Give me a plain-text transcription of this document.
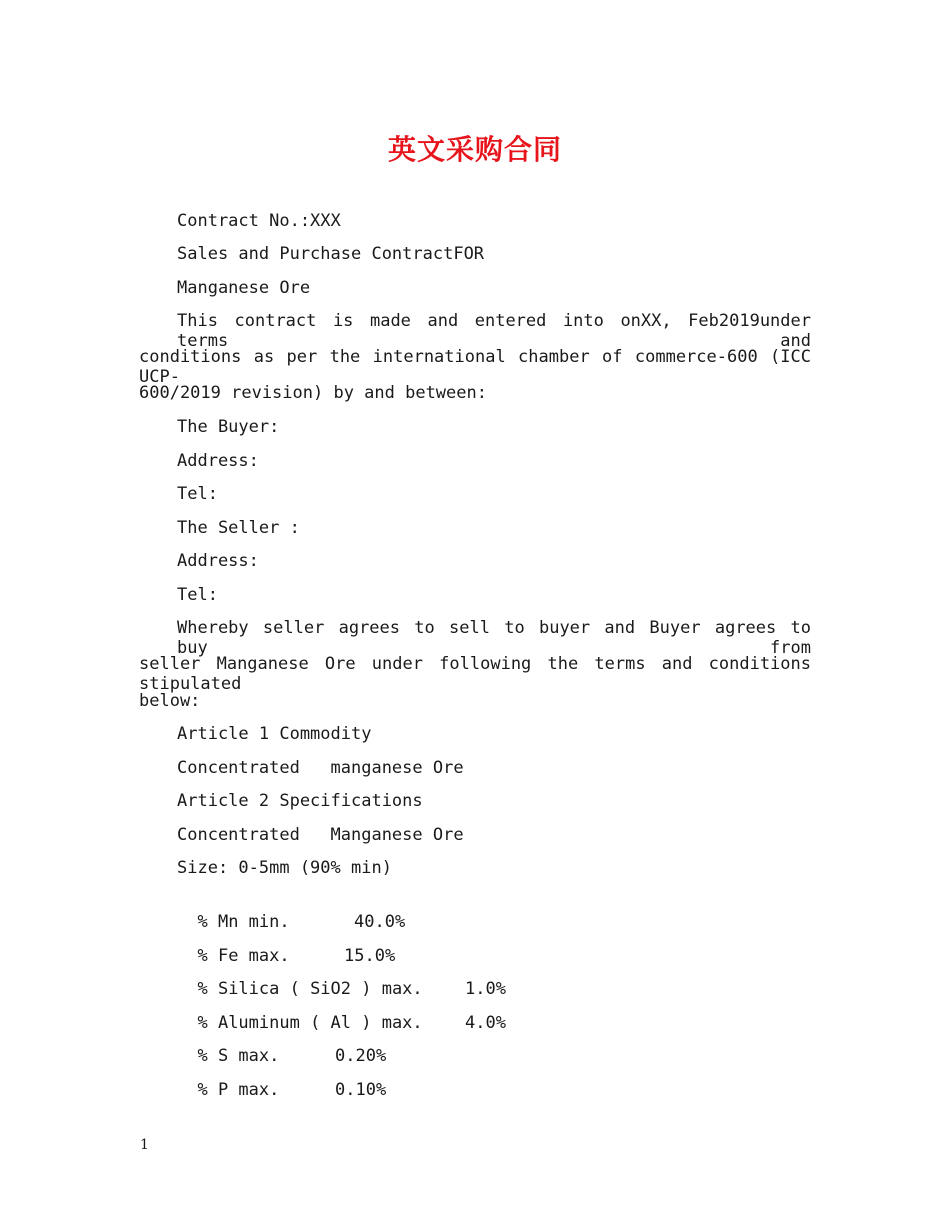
英文采购合同
Contract No.:XXX
Sales and Purchase ContractFOR
Manganese Ore
This contract is made and entered into onXX, Feb2019under terms and
conditions as per the international chamber of commerce-600 (ICC UCP-
600/2019 revision) by and between:
The Buyer:
Address:
Tel:
The Seller :
Address:
Tel:
Whereby seller agrees to sell to buyer and Buyer agrees to buy from
seller Manganese Ore under following the terms and conditions stipulated
below:
Article 1 Commodity
Concentrated   manganese Ore
Article 2 Specifications
Concentrated   Manganese Ore
Size: 0-5mm (90% min)

% Mn min.	40.0%

% Fe max.	15.0%

% Silica ( SiO2 ) max. 1.0%

% Aluminum ( Al ) max. 4.0%

% S max.	0.20%

% P max.	0.10%

1
